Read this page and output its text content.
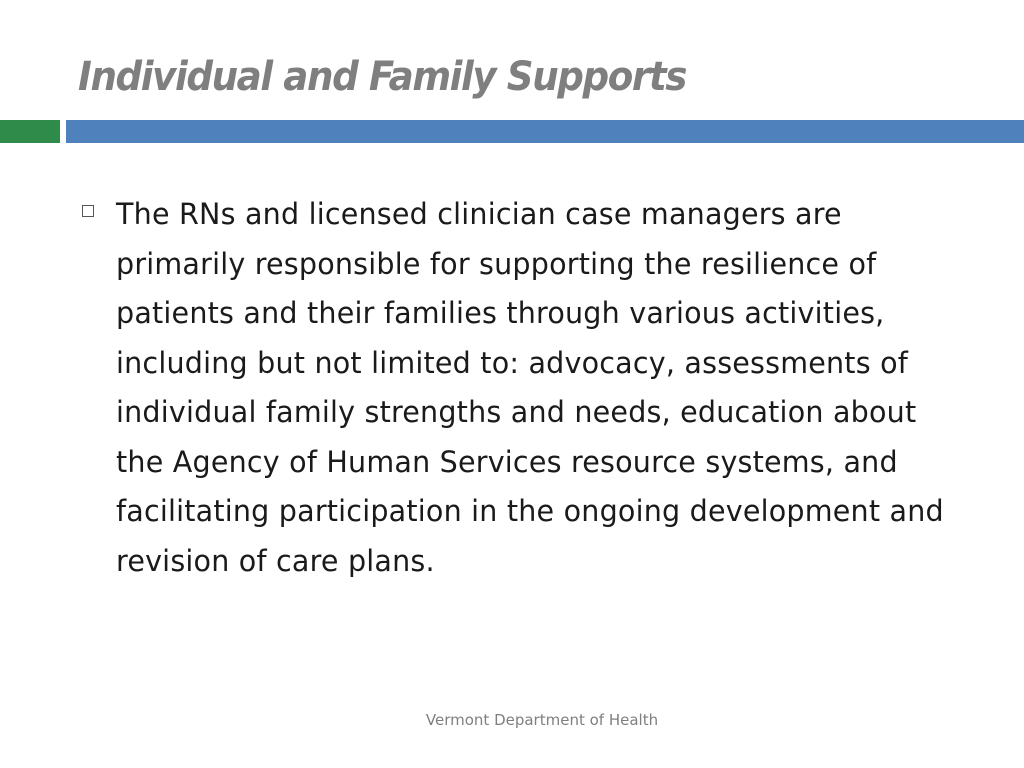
Individual and Family Supports
The RNs and licensed clinician case managers are primarily responsible for supporting the resilience of patients and their families through various activities, including but not limited to: advocacy, assessments of individual family strengths and needs, education about the Agency of Human Services resource systems, and facilitating participation in the ongoing development and revision of care plans.
Vermont Department of Health
